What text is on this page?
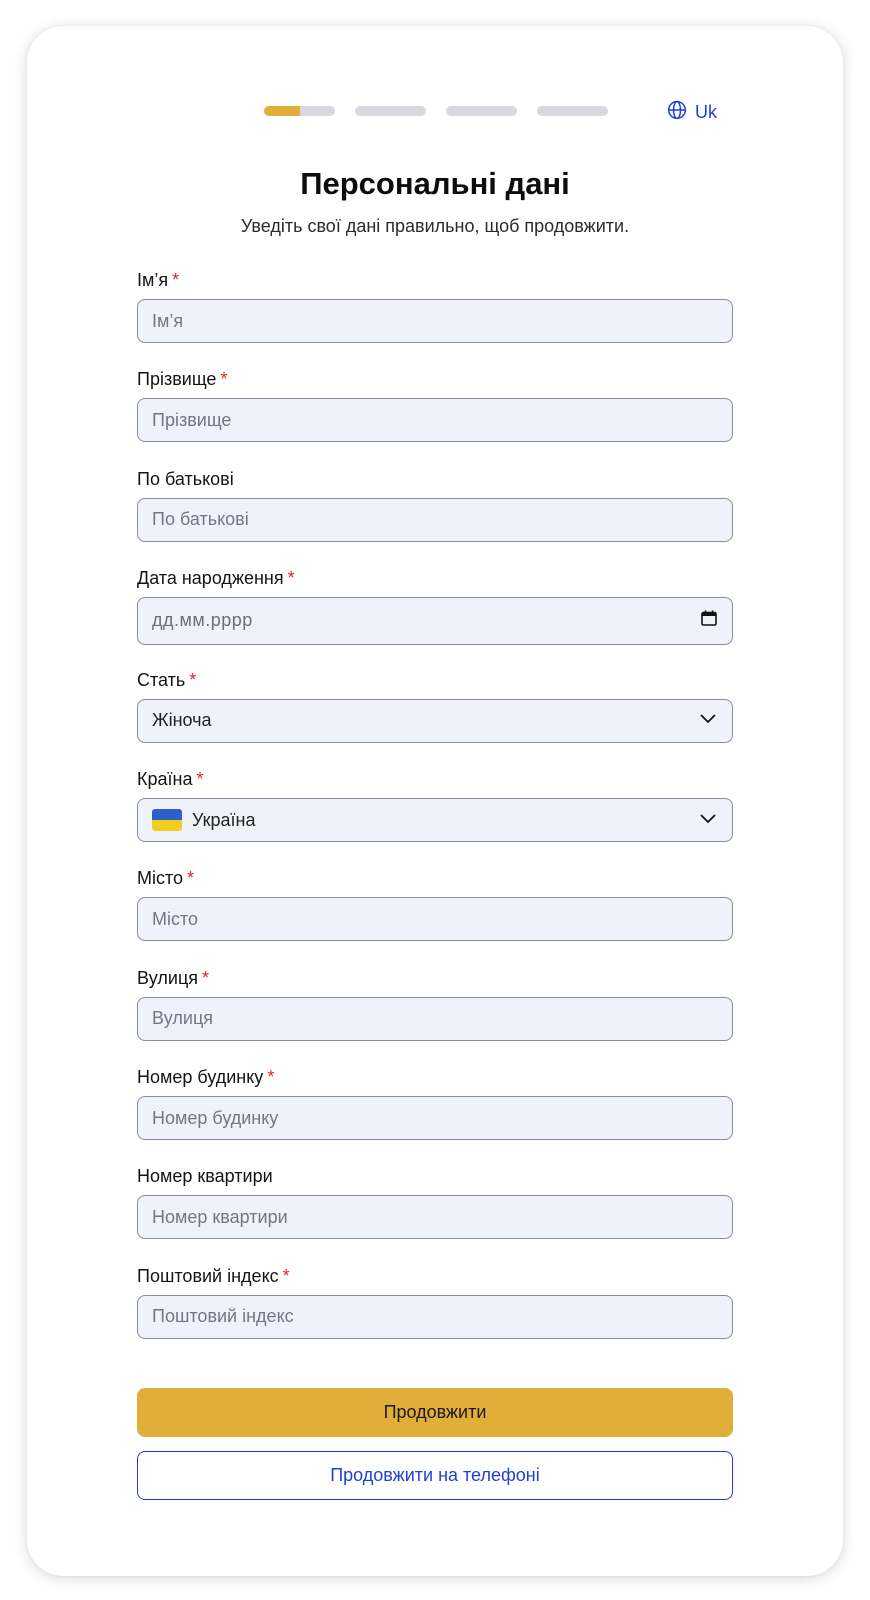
Uk
Персональні дані

Уведіть свої дані правильно, щоб продовжити.

Ім’я *
Ім’я
Прізвище *
Прізвище
По батькові
По батькові
Дата народження *
дд.мм.рррр
Стать *
Жіноча
Країна *
Україна
Місто *
Місто
Вулиця *
Вулиця
Номер будинку *
Номер будинку
Номер квартири
Номер квартири
Поштовий індекс *
Поштовий індекс
Продовжити
Продовжити на телефоні
